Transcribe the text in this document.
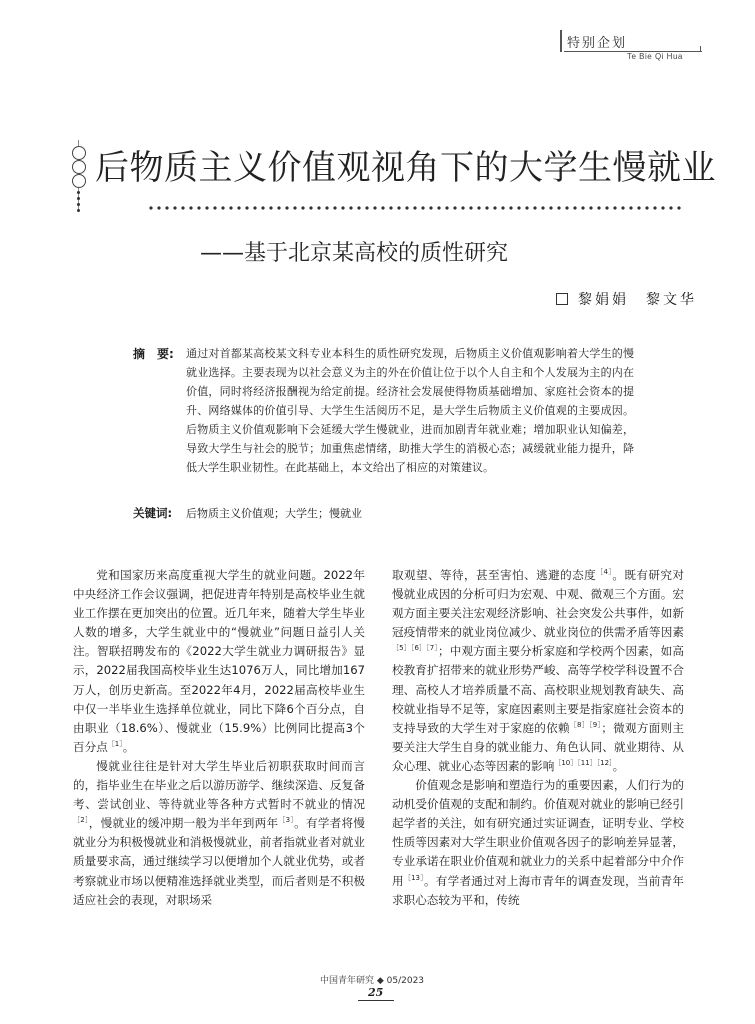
特别企划
Te Bie Qi Hua
后物质主义价值观视角下的大学生慢就业
——基于北京某高校的质性研究
黎娟娟　黎文华
摘　要: 通过对首都某高校某文科专业本科生的质性研究发现，后物质主义价值观影响着大学生的慢就业选择。主要表现为以社会意义为主的外在价值让位于以个人自主和个人发展为主的内在价值，同时将经济报酬视为给定前提。经济社会发展使得物质基础增加、家庭社会资本的提升、网络媒体的价值引导、大学生生活阅历不足，是大学生后物质主义价值观的主要成因。后物质主义价值观影响下会延缓大学生慢就业，进而加剧青年就业难；增加职业认知偏差，导致大学生与社会的脱节；加重焦虑情绪，助推大学生的消极心态；减缓就业能力提升，降低大学生职业韧性。在此基础上，本文给出了相应的对策建议。
关键词: 后物质主义价值观；大学生；慢就业

党和国家历来高度重视大学生的就业问题。2022年中央经济工作会议强调，把促进青年特别是高校毕业生就业工作摆在更加突出的位置。近几年来，随着大学生毕业人数的增多，大学生就业中的“慢就业”问题日益引人关注。智联招聘发布的《2022大学生就业力调研报告》显示，2022届我国高校毕业生达1076万人，同比增加167万人，创历史新高。至2022年4月，2022届高校毕业生中仅一半毕业生选择单位就业，同比下降6个百分点，自由职业（18.6%）、慢就业（15.9%）比例同比提高3个百分点$^{[1]}$。

慢就业往往是针对大学生毕业后初职获取时间而言的，指毕业生在毕业之后以游历游学、继续深造、反复备考、尝试创业、等待就业等各种方式暂时不就业的情况$^{[2]}$，慢就业的缓冲期一般为半年到两年$^{[3]}$。有学者将慢就业分为积极慢就业和消极慢就业，前者指就业者对就业质量要求高，通过继续学习以便增加个人就业优势，或者考察就业市场以便精准选择就业类型，而后者则是不积极适应社会的表现，对职场采

取观望、等待，甚至害怕、逃避的态度$^{[4]}$。既有研究对慢就业成因的分析可归为宏观、中观、微观三个方面。宏观方面主要关注宏观经济影响、社会突发公共事件，如新冠疫情带来的就业岗位减少、就业岗位的供需矛盾等因素$^{[5][6][7]}$；中观方面主要分析家庭和学校两个因素，如高校教育扩招带来的就业形势严峻、高等学校学科设置不合理、高校人才培养质量不高、高校职业规划教育缺失、高校就业指导不足等，家庭因素则主要是指家庭社会资本的支持导致的大学生对于家庭的依赖$^{[8][9]}$；微观方面则主要关注大学生自身的就业能力、角色认同、就业期待、从众心理、就业心态等因素的影响$^{[10][11][12]}$。

价值观念是影响和塑造行为的重要因素，人们行为的动机受价值观的支配和制约。价值观对就业的影响已经引起学者的关注，如有研究通过实证调查，证明专业、学校性质等因素对大学生职业价值观各因子的影响差异显著，专业承诺在职业价值观和就业力的关系中起着部分中介作用$^{[13]}$。有学者通过对上海市青年的调查发现，当前青年求职心态较为平和，传统

中国青年研究 ◆ 05/2023
25
